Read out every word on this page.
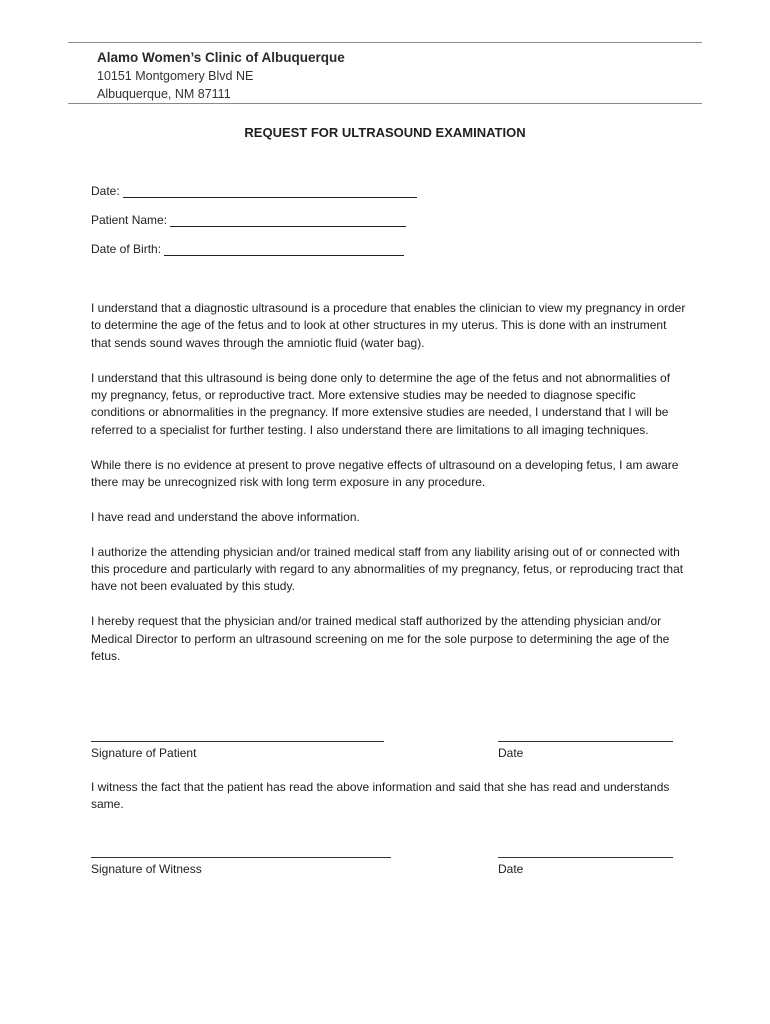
Alamo Women’s Clinic of Albuquerque
10151 Montgomery Blvd NE
Albuquerque, NM 87111
REQUEST FOR ULTRASOUND EXAMINATION
Date:
Patient Name:
Date of Birth:

I understand that a diagnostic ultrasound is a procedure that enables the clinician to view my pregnancy in order to determine the age of the fetus and to look at other structures in my uterus. This is done with an instrument that sends sound waves through the amniotic fluid (water bag).

I understand that this ultrasound is being done only to determine the age of the fetus and not abnormalities of my pregnancy, fetus, or reproductive tract. More extensive studies may be needed to diagnose specific conditions or abnormalities in the pregnancy. If more extensive studies are needed, I understand that I will be referred to a specialist for further testing. I also understand there are limitations to all imaging techniques.

While there is no evidence at present to prove negative effects of ultrasound on a developing fetus, I am aware there may be unrecognized risk with long term exposure in any procedure.

I have read and understand the above information.

I authorize the attending physician and/or trained medical staff from any liability arising out of or connected with this procedure and particularly with regard to any abnormalities of my pregnancy, fetus, or reproducing tract that have not been evaluated by this study.

I hereby request that the physician and/or trained medical staff authorized by the attending physician and/or Medical Director to perform an ultrasound screening on me for the sole purpose to determining the age of the fetus.

Signature of Patient	Date
I witness the fact that the patient has read the above information and said that she has read and understands same.
Signature of Witness	Date
